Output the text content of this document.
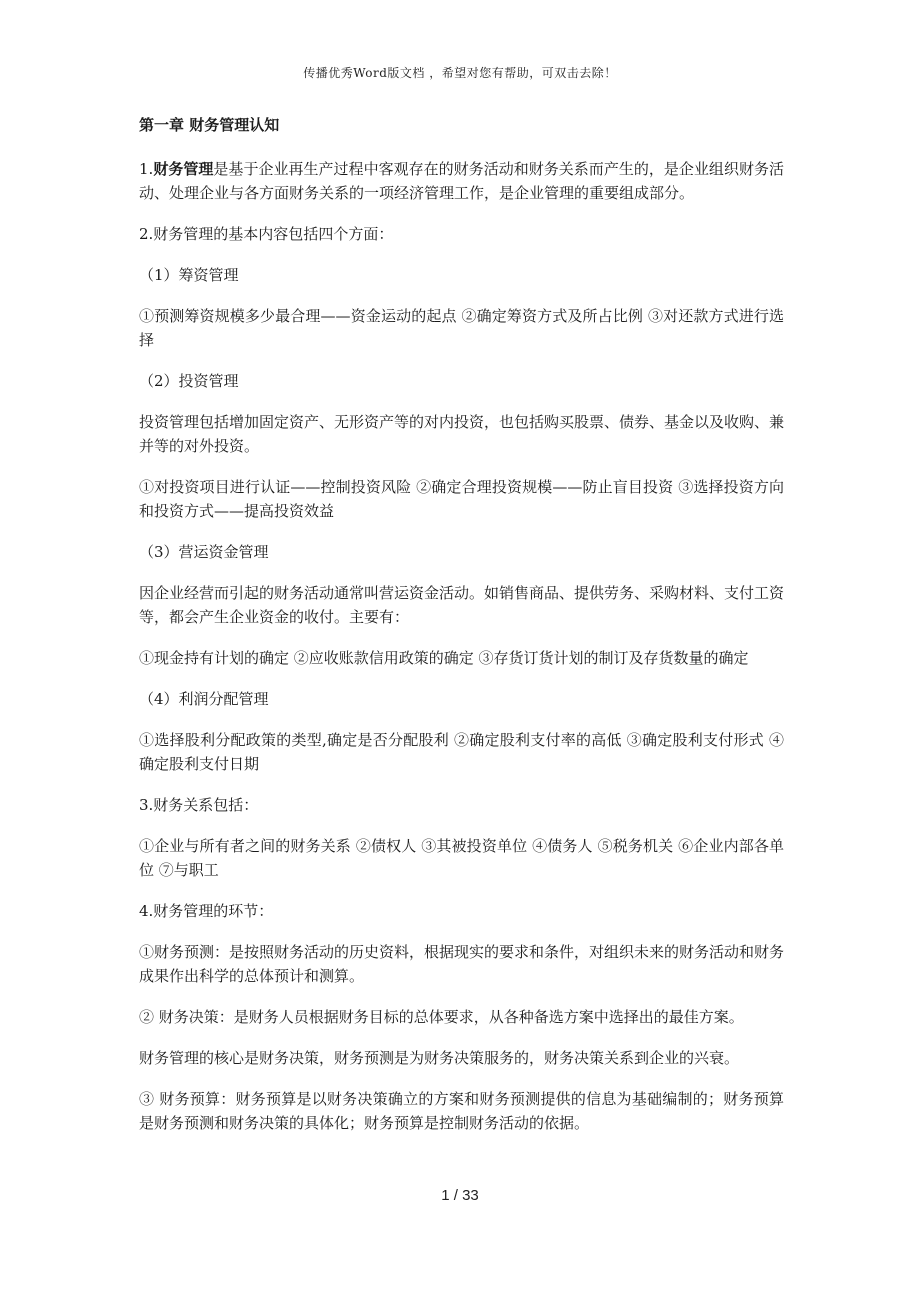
传播优秀Word版文档 ，希望对您有帮助，可双击去除！
第一章 财务管理认知

1.财务管理是基于企业再生产过程中客观存在的财务活动和财务关系而产生的，是企业组织财务活动、处理企业与各方面财务关系的一项经济管理工作，是企业管理的重要组成部分。

2.财务管理的基本内容包括四个方面：

（1）筹资管理

①预测筹资规模多少最合理——资金运动的起点 ②确定筹资方式及所占比例 ③对还款方式进行选择

（2）投资管理

投资管理包括增加固定资产、无形资产等的对内投资，也包括购买股票、债券、基金以及收购、兼并等的对外投资。

①对投资项目进行认证——控制投资风险 ②确定合理投资规模——防止盲目投资 ③选择投资方向和投资方式——提高投资效益

（3）营运资金管理

因企业经营而引起的财务活动通常叫营运资金活动。如销售商品、提供劳务、采购材料、支付工资等，都会产生企业资金的收付。主要有：

①现金持有计划的确定 ②应收账款信用政策的确定 ③存货订货计划的制订及存货数量的确定

（4）利润分配管理

①选择股利分配政策的类型,确定是否分配股利 ②确定股利支付率的高低 ③确定股利支付形式 ④确定股利支付日期

3.财务关系包括：

①企业与所有者之间的财务关系 ②债权人 ③其被投资单位 ④债务人 ⑤税务机关 ⑥企业内部各单位 ⑦与职工

4.财务管理的环节：

①财务预测：是按照财务活动的历史资料，根据现实的要求和条件，对组织未来的财务活动和财务成果作出科学的总体预计和测算。

② 财务决策：是财务人员根据财务目标的总体要求，从各种备选方案中选择出的最佳方案。

财务管理的核心是财务决策，财务预测是为财务决策服务的，财务决策关系到企业的兴衰。

③ 财务预算：财务预算是以财务决策确立的方案和财务预测提供的信息为基础编制的；财务预算是财务预测和财务决策的具体化；财务预算是控制财务活动的依据。

1 / 33
